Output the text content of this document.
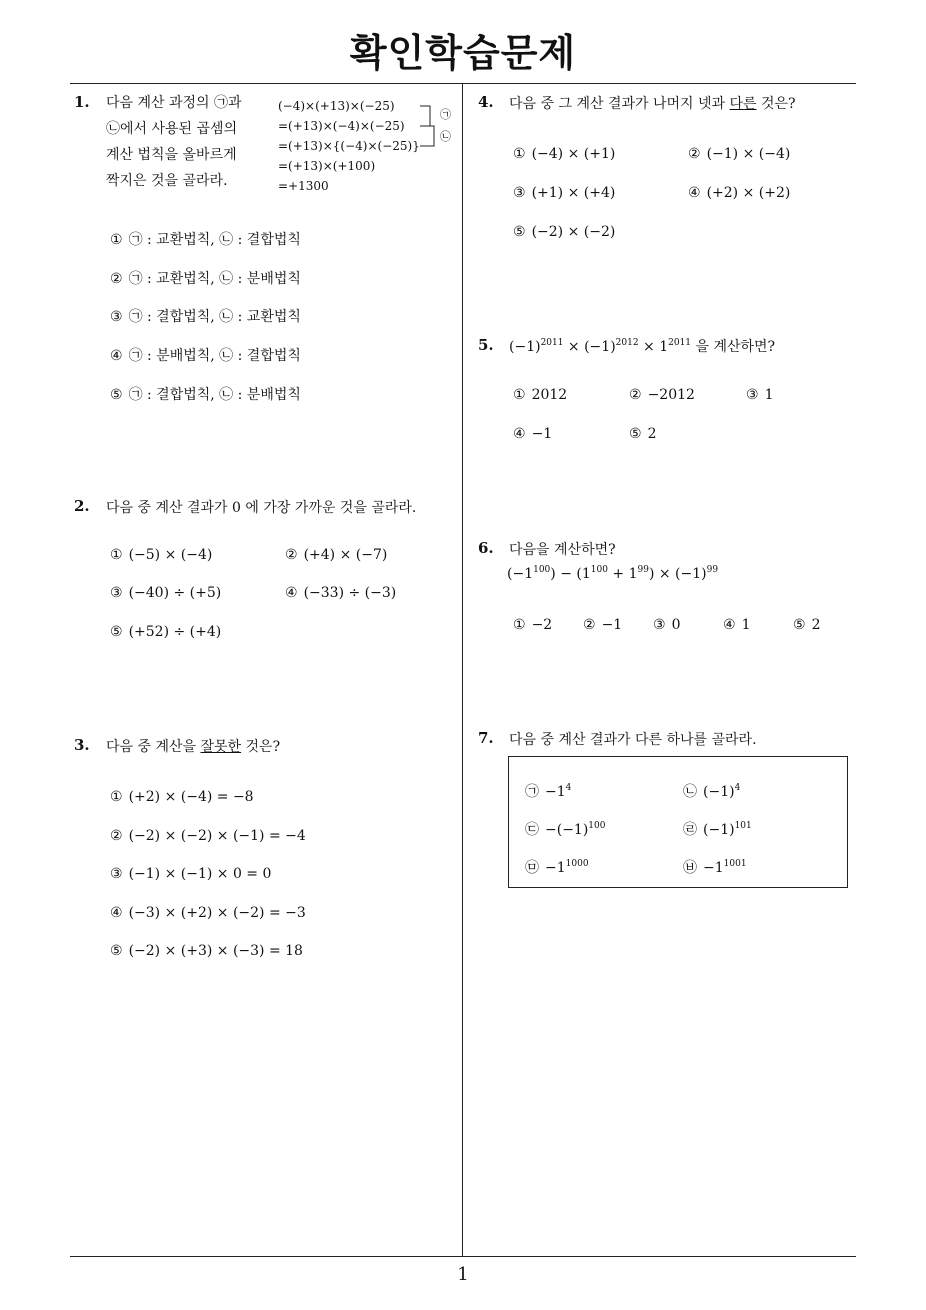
확인학습문제
1
1. 다음 계산 과정의 ㉠과
㉡에서 사용된 곱셈의
계산 법칙을 올바르게
짝지은 것을 골라라.
(−4)×(+13)×(−25)
=(+13)×(−4)×(−25)
=(+13)×{(−4)×(−25)}
=(+13)×(+100)
=+1300
㉠
㉡
① ㉠ : 교환법칙, ㉡ : 결합법칙
② ㉠ : 교환법칙, ㉡ : 분배법칙
③ ㉠ : 결합법칙, ㉡ : 교환법칙
④ ㉠ : 분배법칙, ㉡ : 결합법칙
⑤ ㉠ : 결합법칙, ㉡ : 분배법칙
2. 다음 중 계산 결과가 0 에 가장 가까운 것을 골라라.
① (−5) × (−4)	② (+4) × (−7)
③ (−40) ÷ (+5)	④ (−33) ÷ (−3)
⑤ (+52) ÷ (+4)
3. 다음 중 계산을 잘못한 것은?
① (+2) × (−4) = −8
② (−2) × (−2) × (−1) = −4
③ (−1) × (−1) × 0 = 0
④ (−3) × (+2) × (−2) = −3
⑤ (−2) × (+3) × (−3) = 18
4. 다음 중 그 계산 결과가 나머지 넷과 다른 것은?
① (−4) × (+1)	② (−1) × (−4)
③ (+1) × (+4)	④ (+2) × (+2)
⑤ (−2) × (−2)
5. $(-1)^{2011} \times (-1)^{2012} \times 1^{2011}$ 을 계산하면?
① 2012	② −2012	③ 1
④ −1	⑤ 2
6. 다음을 계산하면?
$(-1^{100}) - (1^{100} + 1^{99}) \times (-1)^{99}$
① −2 ② −1 ③ 0	④ 1	⑤ 2
7. 다음 중 계산 결과가 다른 하나를 골라라.
㉠ $-1^4$	㉡ $(-1)^4$
㉢ $-(-1)^{100}$	㉣ $(-1)^{101}$
㉤ $-1^{1000}$	㉥ $-1^{1001}$
